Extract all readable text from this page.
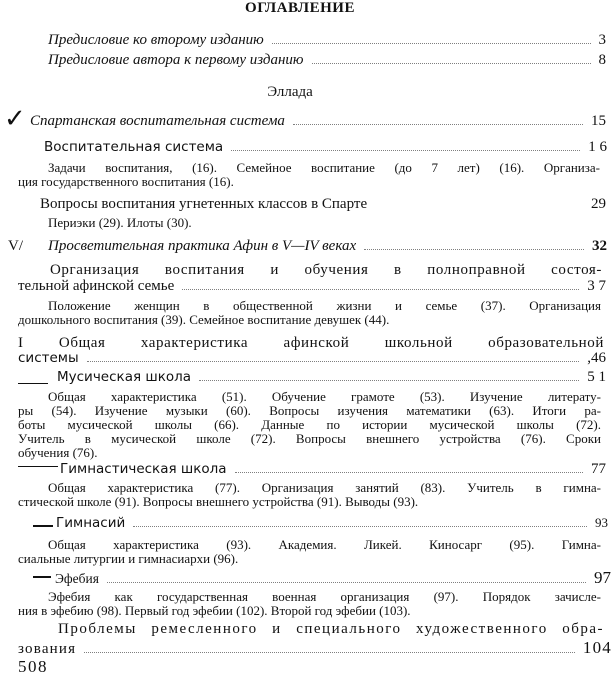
ОГЛАВЛЕНИЕ
Предисловие ко второму изданию	3
Предисловие автора к первому изданию	8
Эллада
✓ Спартанская воспитательная система	15
Воспитательная система	1 6
Задачи воспитания, (16). Семейное воспитание (до 7 лет) (16). Организа-
ция государственного воспитания (16).
Вопросы воспитания угнетенных классов в Спарте	29
Периэки (29). Илоты (30).
V/ Просветительная практика Афин в V—IV веках	32
Организация воспитания и обучения в полноправной состоя-
тельной афинской семье	3 7
Положение женщин в общественной жизни и семье (37). Организация
дошкольного воспитания (39). Семейное воспитание девушек (44).
I Общая характеристика афинской школьной образовательной
системы	,46
Мусическая школа	5 1
Общая характеристика (51). Обучение грамоте (53). Изучение литерату-
ры (54). Изучение музыки (60). Вопросы изучения математики (63). Итоги ра-
боты мусической школы (66). Данные по истории мусической школы (72).
Учитель в мусической школе (72). Вопросы внешнего устройства (76). Сроки
обучения (76).
Гимнастическая школа	77
Общая характеристика (77). Организация занятий (83). Учитель в гимна-
стической школе (91). Вопросы внешнего устройства (91). Выводы (93).
Гимнасий	93
Общая характеристика (93). Академия. Ликей. Киносарг (95). Гимна-
сиальные литургии и гимнасиархи (96).
Эфебия	97
Эфебия как государственная военная организация (97). Порядок зачисле-
ния в эфебию (98). Первый год эфебии (102). Второй год эфебии (103).
Проблемы ремесленного и специального художественного обра-
зования	104
508
